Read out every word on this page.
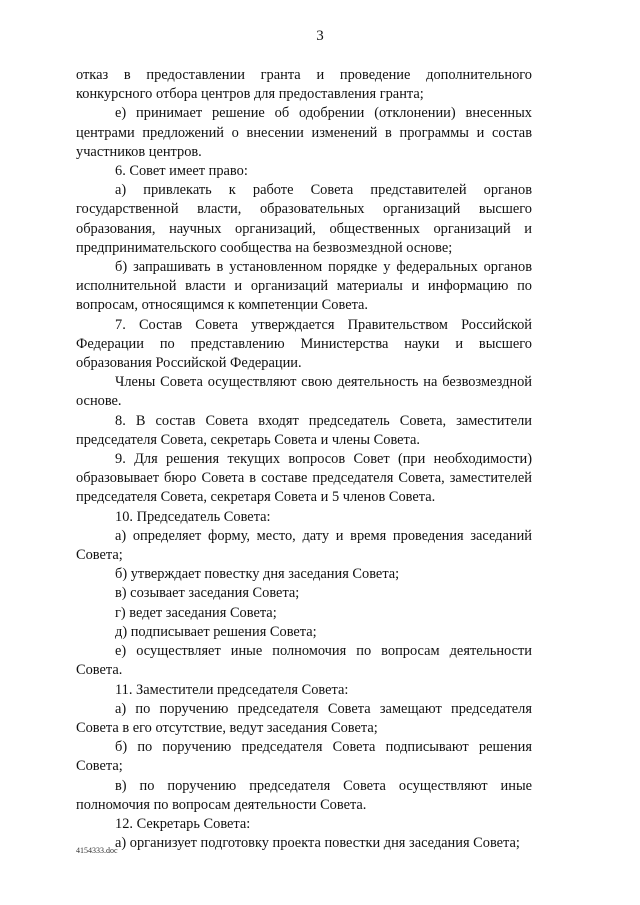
3

отказ в предоставлении гранта и проведение дополнительного конкурсного отбора центров для предоставления гранта;

е) принимает решение об одобрении (отклонении) внесенных центрами предложений о внесении изменений в программы и состав участников центров.

6. Совет имеет право:

а) привлекать к работе Совета представителей органов государственной власти, образовательных организаций высшего образования, научных организаций, общественных организаций и предпринимательского сообщества на безвозмездной основе;

б) запрашивать в установленном порядке у федеральных органов исполнительной власти и организаций материалы и информацию по вопросам, относящимся к компетенции Совета.

7. Состав Совета утверждается Правительством Российской Федерации по представлению Министерства науки и высшего образования Российской Федерации.

Члены Совета осуществляют свою деятельность на безвозмездной основе.

8. В состав Совета входят председатель Совета, заместители председателя Совета, секретарь Совета и члены Совета.

9. Для решения текущих вопросов Совет (при необходимости) образовывает бюро Совета в составе председателя Совета, заместителей председателя Совета, секретаря Совета и 5 членов Совета.

10. Председатель Совета:

а) определяет форму, место, дату и время проведения заседаний Совета;

б) утверждает повестку дня заседания Совета;

в) созывает заседания Совета;

г) ведет заседания Совета;

д) подписывает решения Совета;

е) осуществляет иные полномочия по вопросам деятельности Совета.

11. Заместители председателя Совета:

а) по поручению председателя Совета замещают председателя Совета в его отсутствие, ведут заседания Совета;

б) по поручению председателя Совета подписывают решения Совета;

в) по поручению председателя Совета осуществляют иные полномочия по вопросам деятельности Совета.

12. Секретарь Совета:

а) организует подготовку проекта повестки дня заседания Совета;

4154333.doc
